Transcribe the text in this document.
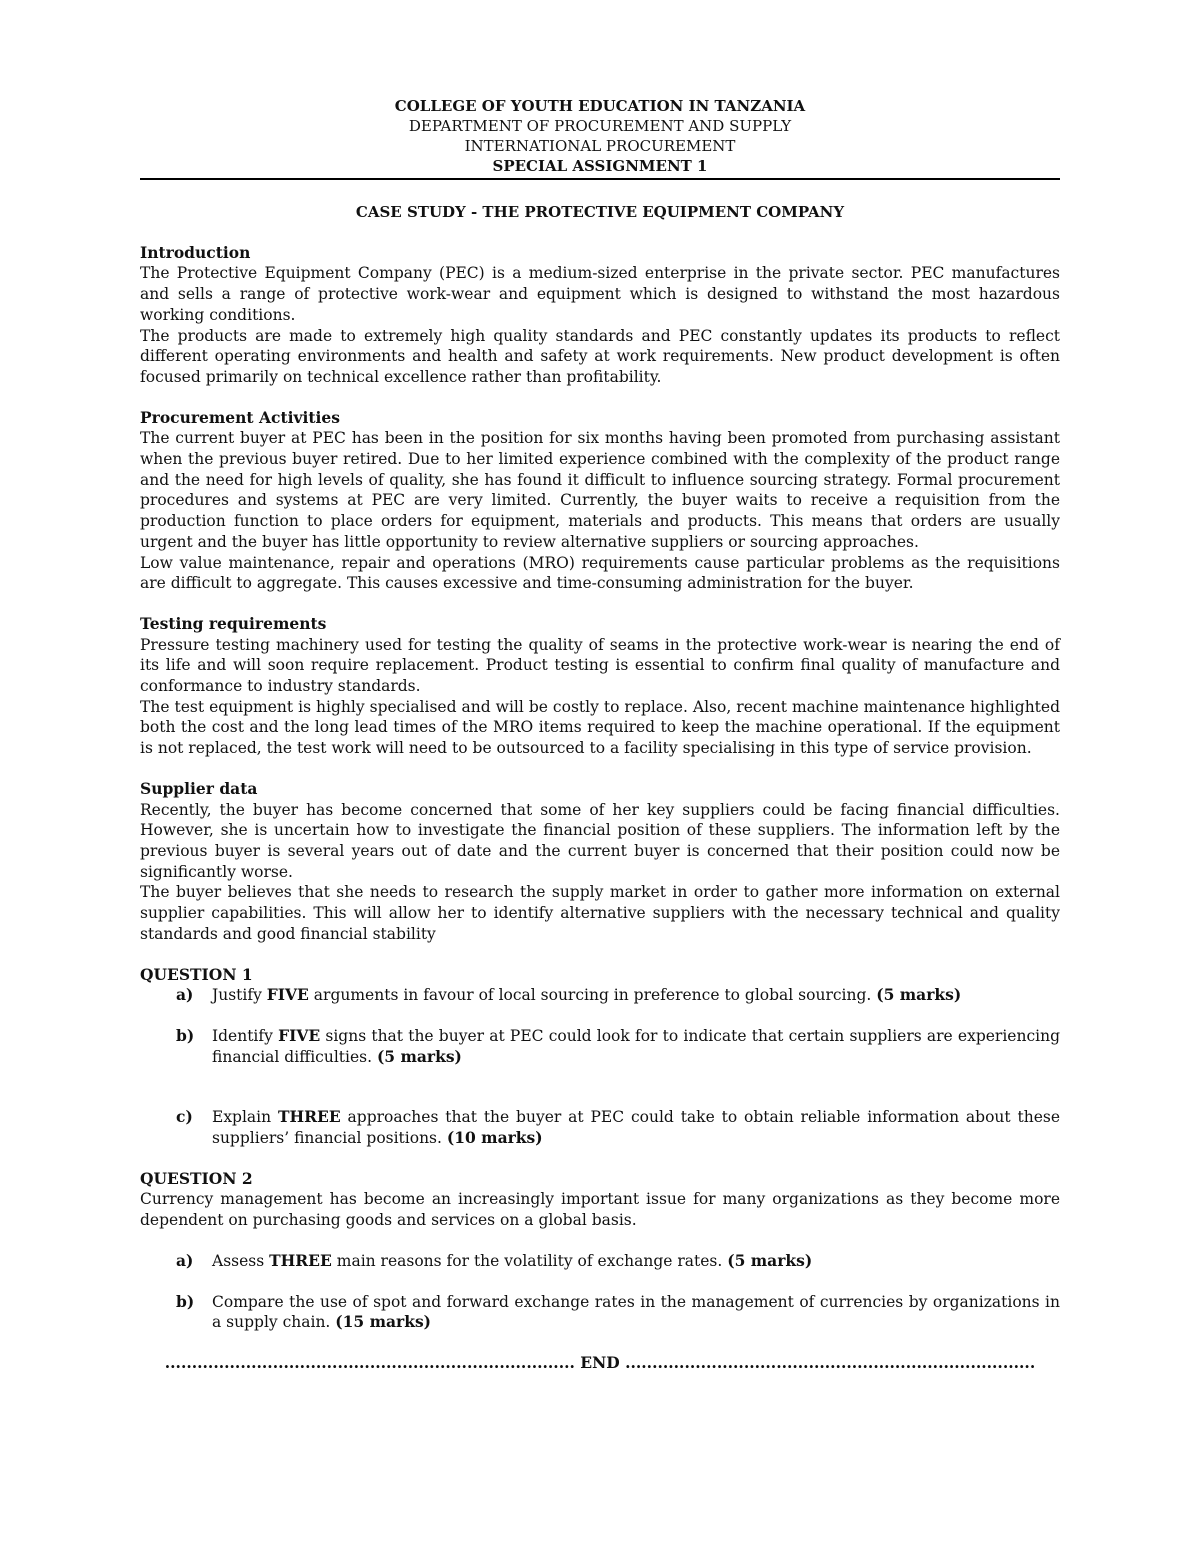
COLLEGE OF YOUTH EDUCATION IN TANZANIA
DEPARTMENT OF PROCUREMENT AND SUPPLY
INTERNATIONAL PROCUREMENT
SPECIAL ASSIGNMENT 1
CASE STUDY - THE PROTECTIVE EQUIPMENT COMPANY
Introduction

The Protective Equipment Company (PEC) is a medium-sized enterprise in the private sector. PEC manufactures and sells a range of protective work-wear and equipment which is designed to withstand the most hazardous working conditions.

The products are made to extremely high quality standards and PEC constantly updates its products to reflect different operating environments and health and safety at work requirements. New product development is often focused primarily on technical excellence rather than profitability.

Procurement Activities

The current buyer at PEC has been in the position for six months having been promoted from purchasing assistant when the previous buyer retired. Due to her limited experience combined with the complexity of the product range and the need for high levels of quality, she has found it difficult to influence sourcing strategy. Formal procurement procedures and systems at PEC are very limited. Currently, the buyer waits to receive a requisition from the production function to place orders for equipment, materials and products. This means that orders are usually urgent and the buyer has little opportunity to review alternative suppliers or sourcing approaches.

Low value maintenance, repair and operations (MRO) requirements cause particular problems as the requisitions are difficult to aggregate. This causes excessive and time-consuming administration for the buyer.

Testing requirements

Pressure testing machinery used for testing the quality of seams in the protective work-wear is nearing the end of its life and will soon require replacement. Product testing is essential to confirm final quality of manufacture and conformance to industry standards.

The test equipment is highly specialised and will be costly to replace. Also, recent machine maintenance highlighted both the cost and the long lead times of the MRO items required to keep the machine operational. If the equipment is not replaced, the test work will need to be outsourced to a facility specialising in this type of service provision.

Supplier data

Recently, the buyer has become concerned that some of her key suppliers could be facing financial difficulties. However, she is uncertain how to investigate the financial position of these suppliers. The information left by the previous buyer is several years out of date and the current buyer is concerned that their position could now be significantly worse.

The buyer believes that she needs to research the supply market in order to gather more information on external supplier capabilities. This will allow her to identify alternative suppliers with the necessary technical and quality standards and good financial stability

QUESTION 1
a)	Justify FIVE arguments in favour of local sourcing in preference to global sourcing. (5 marks)
b)	Identify FIVE signs that the buyer at PEC could look for to indicate that certain suppliers are experiencing financial difficulties. (5 marks)
c)	Explain THREE approaches that the buyer at PEC could take to obtain reliable information about these suppliers’ financial positions. (10 marks)
QUESTION 2

Currency management has become an increasingly important issue for many organizations as they become more dependent on purchasing goods and services on a global basis.

a)	Assess THREE main reasons for the volatility of exchange rates. (5 marks)
b)	Compare the use of spot and forward exchange rates in the management of currencies by organizations in a supply chain. (15 marks)
............................................................................ END ............................................................................
